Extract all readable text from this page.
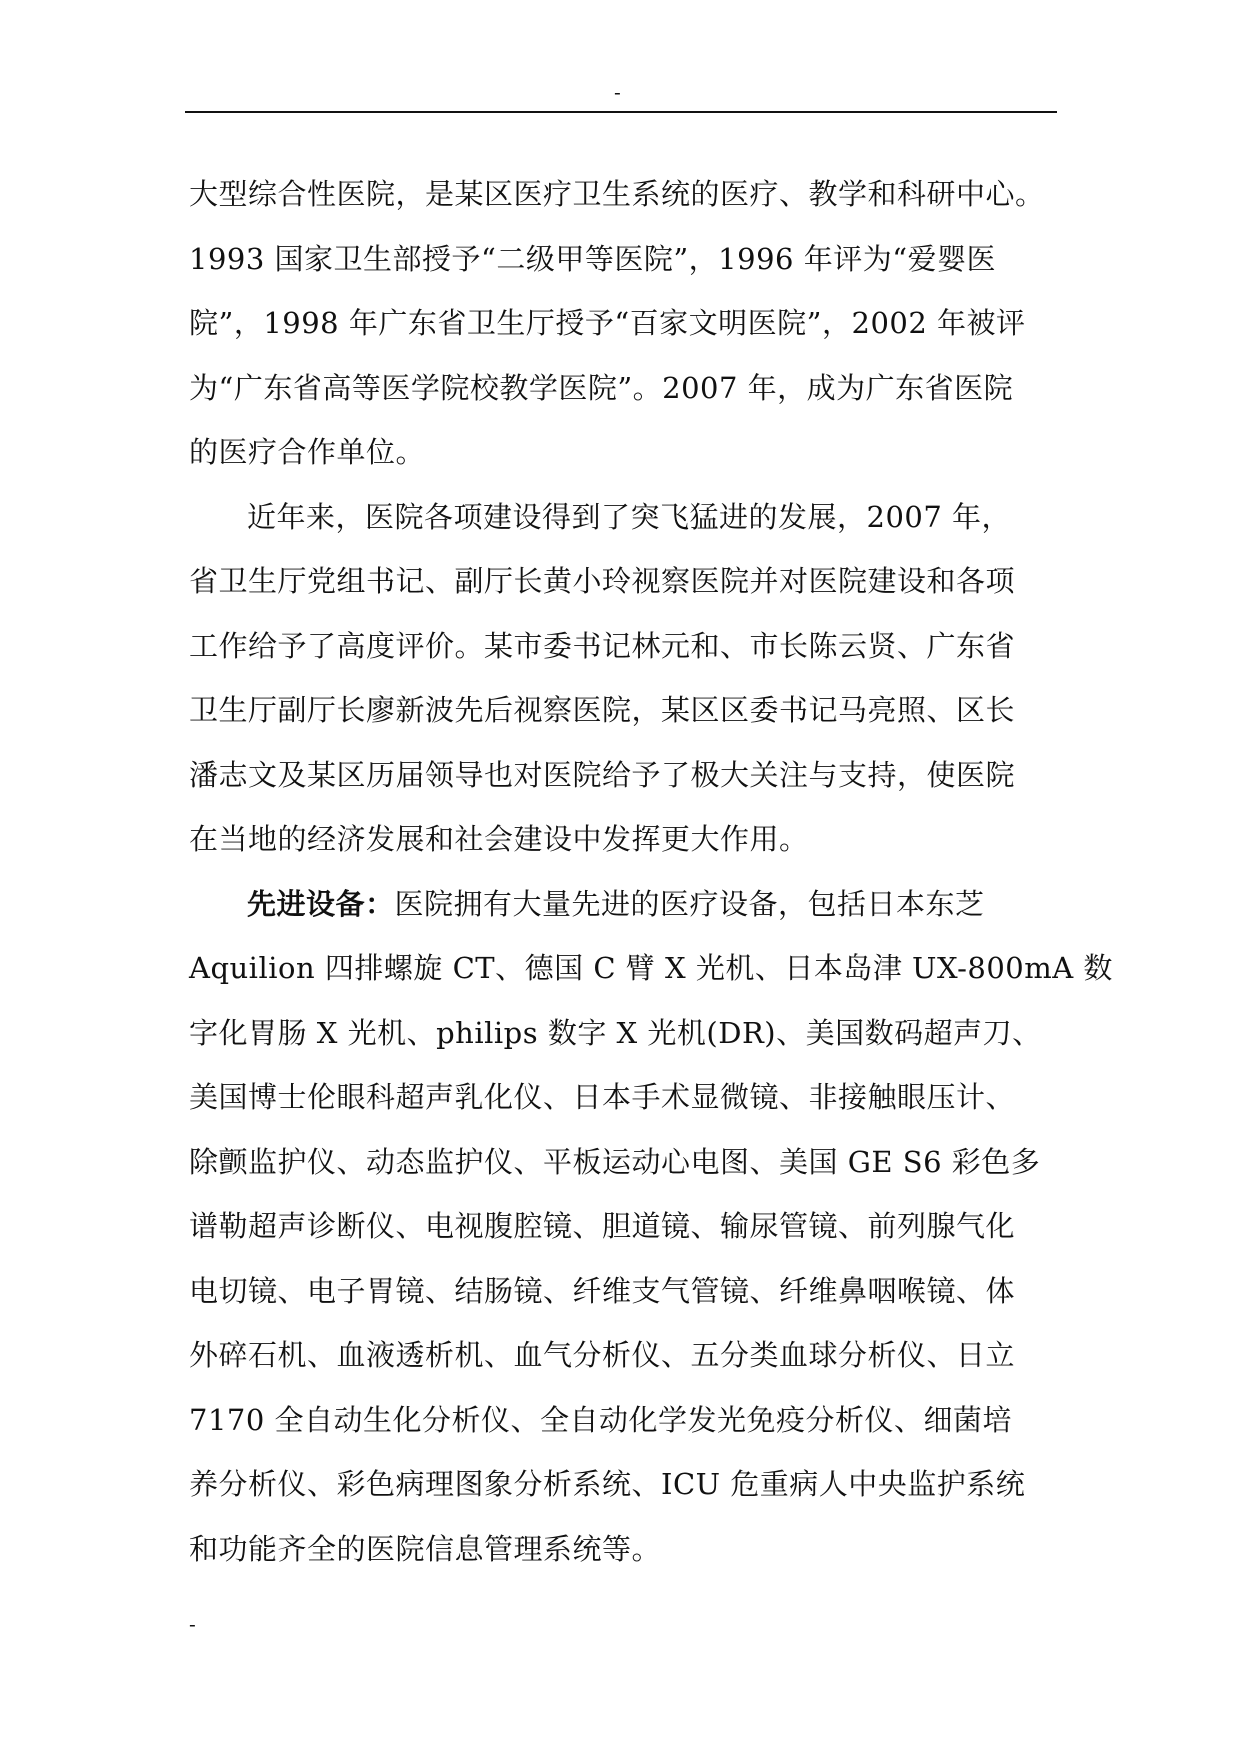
-

大型综合性医院，是某区医疗卫生系统的医疗、教学和科研中心。
1993 国家卫生部授予“二级甲等医院”，1996 年评为“爱婴医
院”，1998 年广东省卫生厅授予“百家文明医院”，2002 年被评
为“广东省高等医学院校教学医院”。2007 年，成为广东省医院
的医疗合作单位。

近年来，医院各项建设得到了突飞猛进的发展，2007 年，
省卫生厅党组书记、副厅长黄小玲视察医院并对医院建设和各项
工作给予了高度评价。某市委书记林元和、市长陈云贤、广东省
卫生厅副厅长廖新波先后视察医院，某区区委书记马亮照、区长
潘志文及某区历届领导也对医院给予了极大关注与支持，使医院
在当地的经济发展和社会建设中发挥更大作用。

先进设备：医院拥有大量先进的医疗设备，包括日本东芝
Aquilion 四排螺旋 CT、德国 C 臂 X 光机、日本岛津 UX-800mA 数
字化胃肠 X 光机、philips 数字 X 光机(DR)、美国数码超声刀、
美国博士伦眼科超声乳化仪、日本手术显微镜、非接触眼压计、
除颤监护仪、动态监护仪、平板运动心电图、美国 GE S6 彩色多
谱勒超声诊断仪、电视腹腔镜、胆道镜、输尿管镜、前列腺气化
电切镜、电子胃镜、结肠镜、纤维支气管镜、纤维鼻咽喉镜、体
外碎石机、血液透析机、血气分析仪、五分类血球分析仪、日立
7170 全自动生化分析仪、全自动化学发光免疫分析仪、细菌培
养分析仪、彩色病理图象分析系统、ICU 危重病人中央监护系统
和功能齐全的医院信息管理系统等。

-
